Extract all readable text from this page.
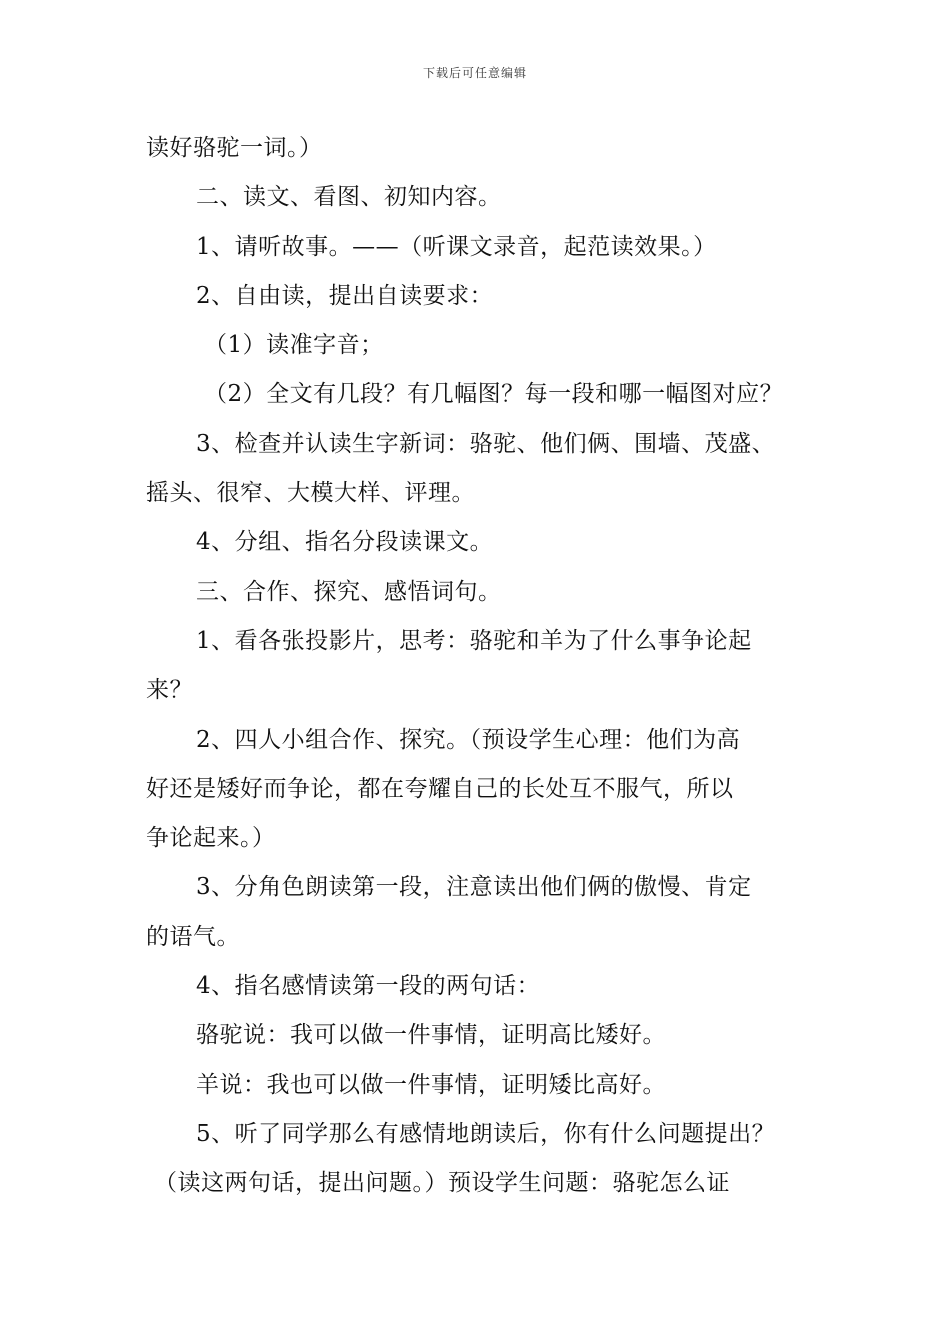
下载后可任意编辑
读好骆驼一词。）
二、读文、看图、初知内容。
1、请听故事。——（听课文录音，起范读效果。）
2、自由读，提出自读要求：
（1）读准字音；
（2）全文有几段？有几幅图？每一段和哪一幅图对应？
3、检查并认读生字新词：骆驼、他们俩、围墙、茂盛、
摇头、很窄、大模大样、评理。
4、分组、指名分段读课文。
三、合作、探究、感悟词句。
1、看各张投影片，思考：骆驼和羊为了什么事争论起
来？
2、四人小组合作、探究。（预设学生心理：他们为高
好还是矮好而争论，都在夸耀自己的长处互不服气，所以
争论起来。）
3、分角色朗读第一段，注意读出他们俩的傲慢、肯定
的语气。
4、指名感情读第一段的两句话：
骆驼说：我可以做一件事情，证明高比矮好。
羊说：我也可以做一件事情，证明矮比高好。
5、听了同学那么有感情地朗读后，你有什么问题提出？
（读这两句话，提出问题。）预设学生问题：骆驼怎么证
